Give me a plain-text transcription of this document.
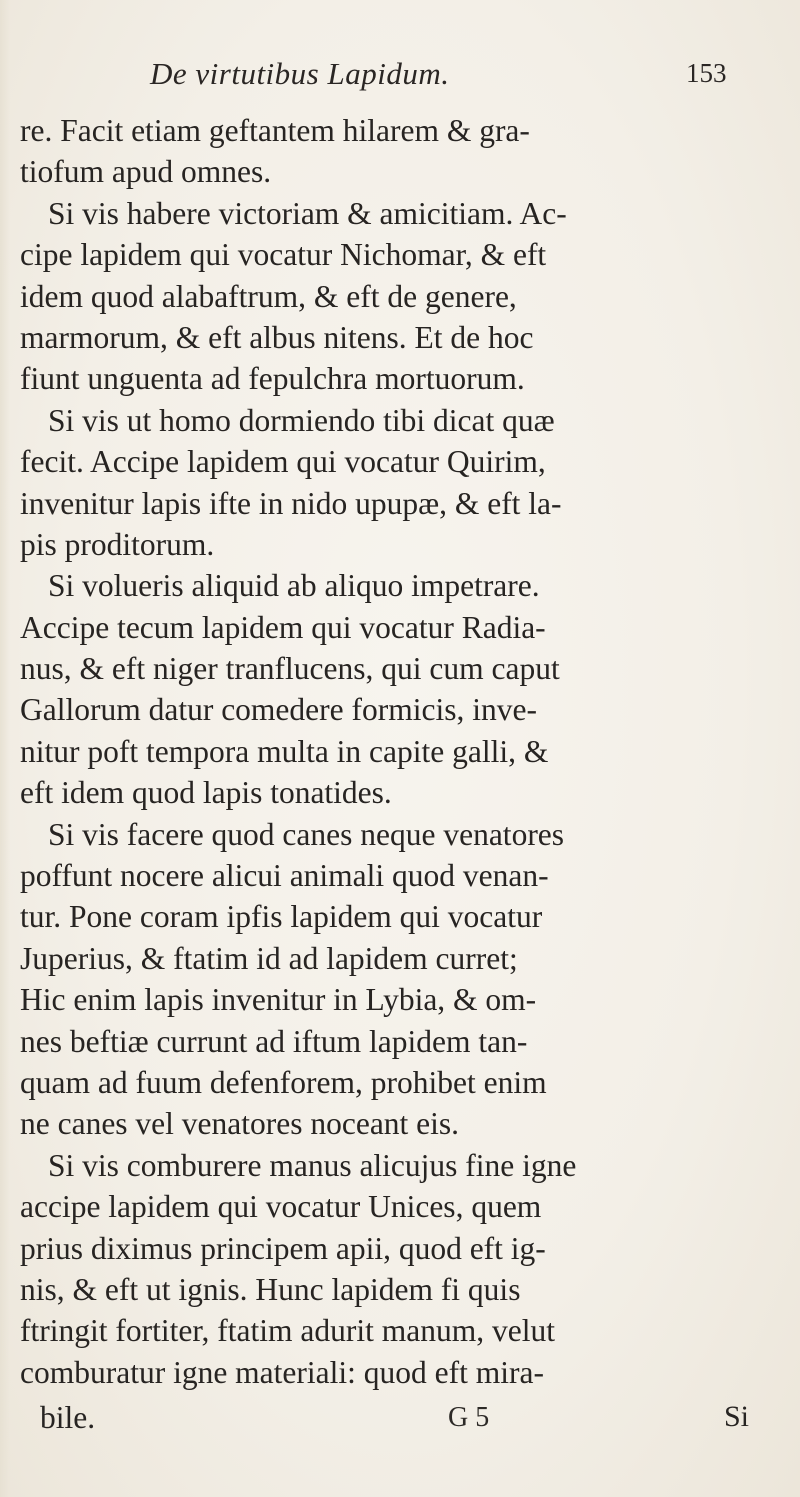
De virtutibus Lapidum.	153
re. Facit etiam geftantem hilarem & gra-
tiofum apud omnes.
Si vis habere victoriam & amicitiam. Ac-
cipe lapidem qui vocatur Nichomar, & eft
idem quod alabaftrum, & eft de genere,
marmorum, & eft albus nitens. Et de hoc
fiunt unguenta ad fepulchra mortuorum.
Si vis ut homo dormiendo tibi dicat quæ
fecit. Accipe lapidem qui vocatur Quirim,
invenitur lapis ifte in nido upupæ, & eft la-
pis proditorum.
Si volueris aliquid ab aliquo impetrare.
Accipe tecum lapidem qui vocatur Radia-
nus, & eft niger tranflucens, qui cum caput
Gallorum datur comedere formicis, inve-
nitur poft tempora multa in capite galli, &
eft idem quod lapis tonatides.
Si vis facere quod canes neque venatores
poffunt nocere alicui animali quod venan-
tur. Pone coram ipfis lapidem qui vocatur
Juperius, & ftatim id ad lapidem curret;
Hic enim lapis invenitur in Lybia, & om-
nes beftiæ currunt ad iftum lapidem tan-
quam ad fuum defenforem, prohibet enim
ne canes vel venatores noceant eis.
Si vis comburere manus alicujus fine igne
accipe lapidem qui vocatur Unices, quem
prius diximus principem apii, quod eft ig-
nis, & eft ut ignis. Hunc lapidem fi quis
ftringit fortiter, ftatim adurit manum, velut
comburatur igne materiali: quod eft mira-
bile.	G 5	Si
